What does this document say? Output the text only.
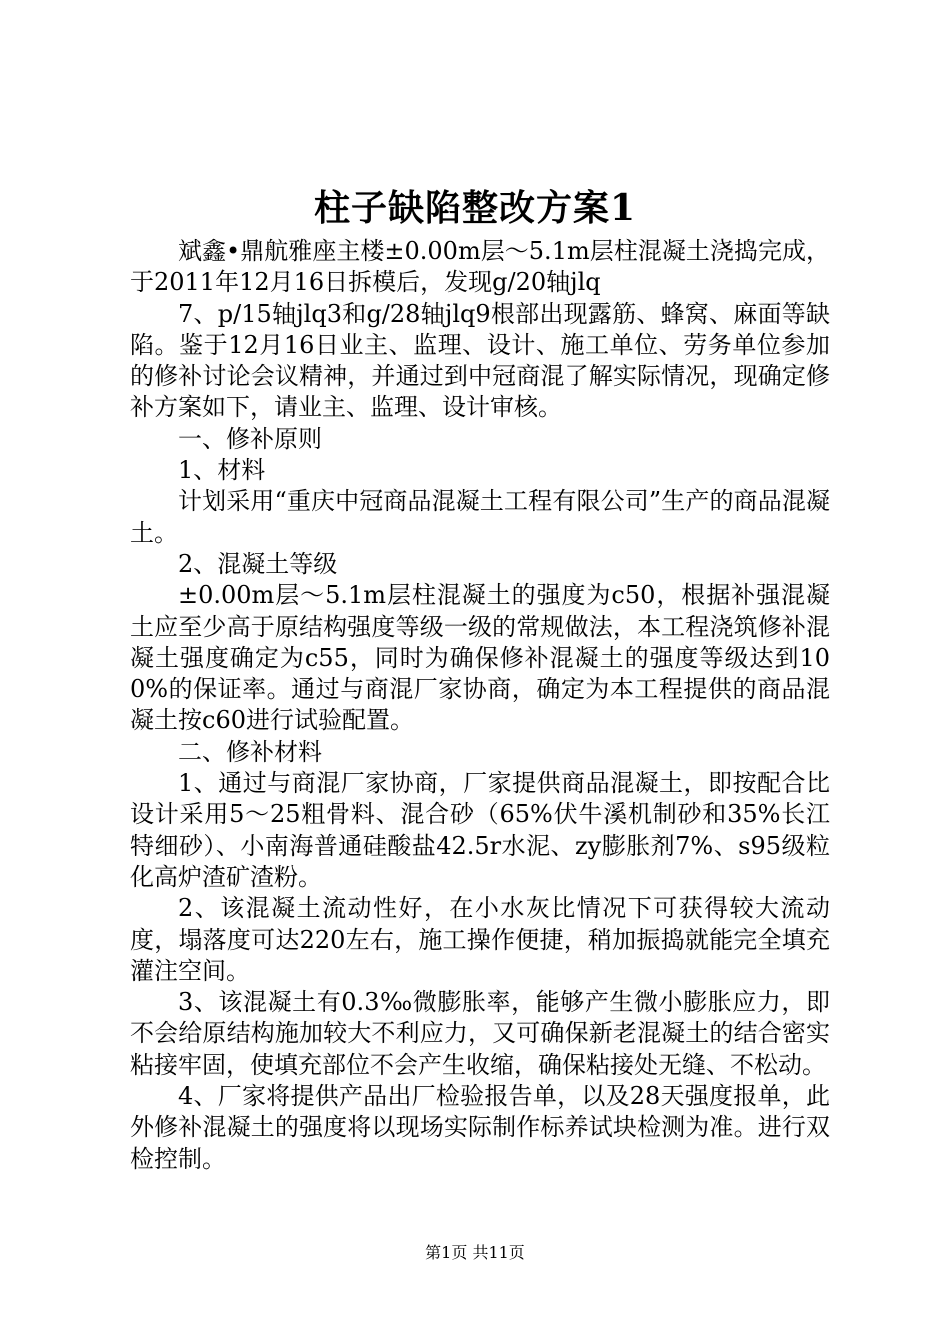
柱子缺陷整改方案1

斌鑫•鼎航雅座主楼±0.00m层～5.1m层柱混凝土浇捣完成，于2011年12月16日拆模后，发现g/20轴jlq

7、p/15轴jlq3和g/28轴jlq9根部出现露筋、蜂窝、麻面等缺陷。鉴于12月16日业主、监理、设计、施工单位、劳务单位参加的修补讨论会议精神，并通过到中冠商混了解实际情况，现确定修补方案如下，请业主、监理、设计审核。

一、修补原则

1、材料

计划采用“重庆中冠商品混凝土工程有限公司”生产的商品混凝土。

2、混凝土等级

±0.00m层～5.1m层柱混凝土的强度为c50，根据补强混凝土应至少高于原结构强度等级一级的常规做法，本工程浇筑修补混凝土强度确定为c55，同时为确保修补混凝土的强度等级达到100%的保证率。通过与商混厂家协商，确定为本工程提供的商品混凝土按c60进行试验配置。

二、修补材料

1、通过与商混厂家协商，厂家提供商品混凝土，即按配合比设计采用5～25粗骨料、混合砂（65%伏牛溪机制砂和35%长江特细砂）、小南海普通硅酸盐42.5r水泥、zy膨胀剂7%、s95级粒化高炉渣矿渣粉。

2、该混凝土流动性好，在小水灰比情况下可获得较大流动度，塌落度可达220左右，施工操作便捷，稍加振捣就能完全填充灌注空间。

3、该混凝土有0.3‰微膨胀率，能够产生微小膨胀应力，即不会给原结构施加较大不利应力，又可确保新老混凝土的结合密实粘接牢固，使填充部位不会产生收缩，确保粘接处无缝、不松动。

4、厂家将提供产品出厂检验报告单，以及28天强度报单，此外修补混凝土的强度将以现场实际制作标养试块检测为准。进行双检控制。

第1页 共11页
